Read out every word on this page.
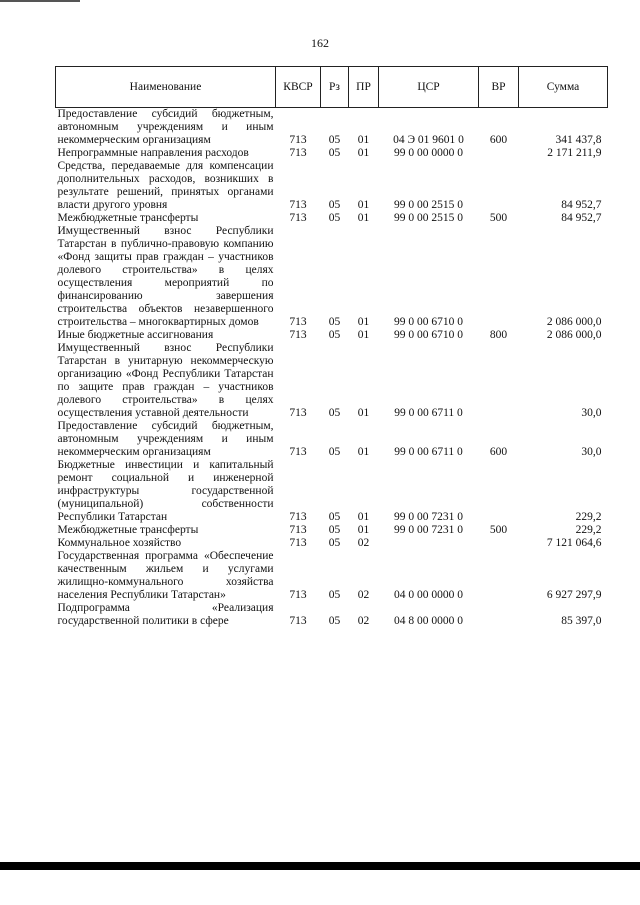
162
Наименование	КВСР	Рз	ПР	ЦСР	ВР	Сумма
Предоставление субсидий бюджетным, автономным учреждениям и иным некоммерческим организациям	713	05	01	04 Э 01 9601 0	600	341 437,8
Непрограммные направления расходов	713	05	01	99 0 00 0000 0		2 171 211,9
Средства, передаваемые для компенсации дополнительных расходов, возникших в результате решений, принятых органами власти другого уровня	713	05	01	99 0 00 2515 0		84 952,7
Межбюджетные трансферты	713	05	01	99 0 00 2515 0	500	84 952,7
Имущественный взнос Республики Татарстан в публично-правовую компанию «Фонд защиты прав граждан – участников долевого строительства» в целях осуществления мероприятий по финансированию завершения строительства объектов незавершенного строительства – многоквартирных домов	713	05	01	99 0 00 6710 0		2 086 000,0
Иные бюджетные ассигнования	713	05	01	99 0 00 6710 0	800	2 086 000,0
Имущественный взнос Республики Татарстан в унитарную некоммерческую организацию «Фонд Республики Татарстан по защите прав граждан – участников долевого строительства» в целях осуществления уставной деятельности	713	05	01	99 0 00 6711 0		30,0
Предоставление субсидий бюджетным, автономным учреждениям и иным некоммерческим организациям	713	05	01	99 0 00 6711 0	600	30,0
Бюджетные инвестиции и капитальный ремонт социальной и инженерной инфраструктуры государственной (муниципальной) собственности Республики Татарстан	713	05	01	99 0 00 7231 0		229,2
Межбюджетные трансферты	713	05	01	99 0 00 7231 0	500	229,2
Коммунальное хозяйство	713	05	02			7 121 064,6
Государственная программа «Обеспечение качественным жильем и услугами жилищно-коммунального хозяйства населения Республики Татарстан»	713	05	02	04 0 00 0000 0		6 927 297,9
Подпрограмма «Реализация государственной политики в сфере	713	05	02	04 8 00 0000 0		85 397,0
